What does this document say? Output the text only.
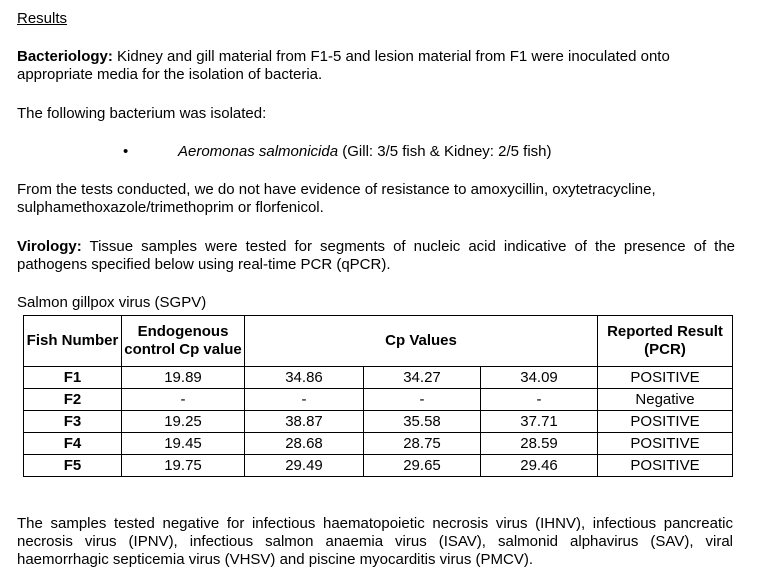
Results

Bacteriology: Kidney and gill material from F1-5 and lesion material from F1 were inoculated onto appropriate media for the isolation of bacteria.

The following bacterium was isolated:

•	Aeromonas salmonicida (Gill: 3/5 fish & Kidney: 2/5 fish)

From the tests conducted, we do not have evidence of resistance to amoxycillin, oxytetracycline, sulphamethoxazole/trimethoprim or florfenicol.

Virology: Tissue samples were tested for segments of nucleic acid indicative of the presence of the pathogens specified below using real-time PCR (qPCR).

Salmon gillpox virus (SGPV)
Fish Number	Endogenous control Cp value	Cp Values			Reported Result (PCR)
F1	19.89	34.86	34.27	34.09	POSITIVE
F2	-	-	-	-	Negative
F3	19.25	38.87	35.58	37.71	POSITIVE
F4	19.45	28.68	28.75	28.59	POSITIVE
F5	19.75	29.49	29.65	29.46	POSITIVE

The samples tested negative for infectious haematopoietic necrosis virus (IHNV), infectious pancreatic necrosis virus (IPNV), infectious salmon anaemia virus (ISAV), salmonid alphavirus (SAV), viral haemorrhagic septicemia virus (VHSV) and piscine myocarditis virus (PMCV).
